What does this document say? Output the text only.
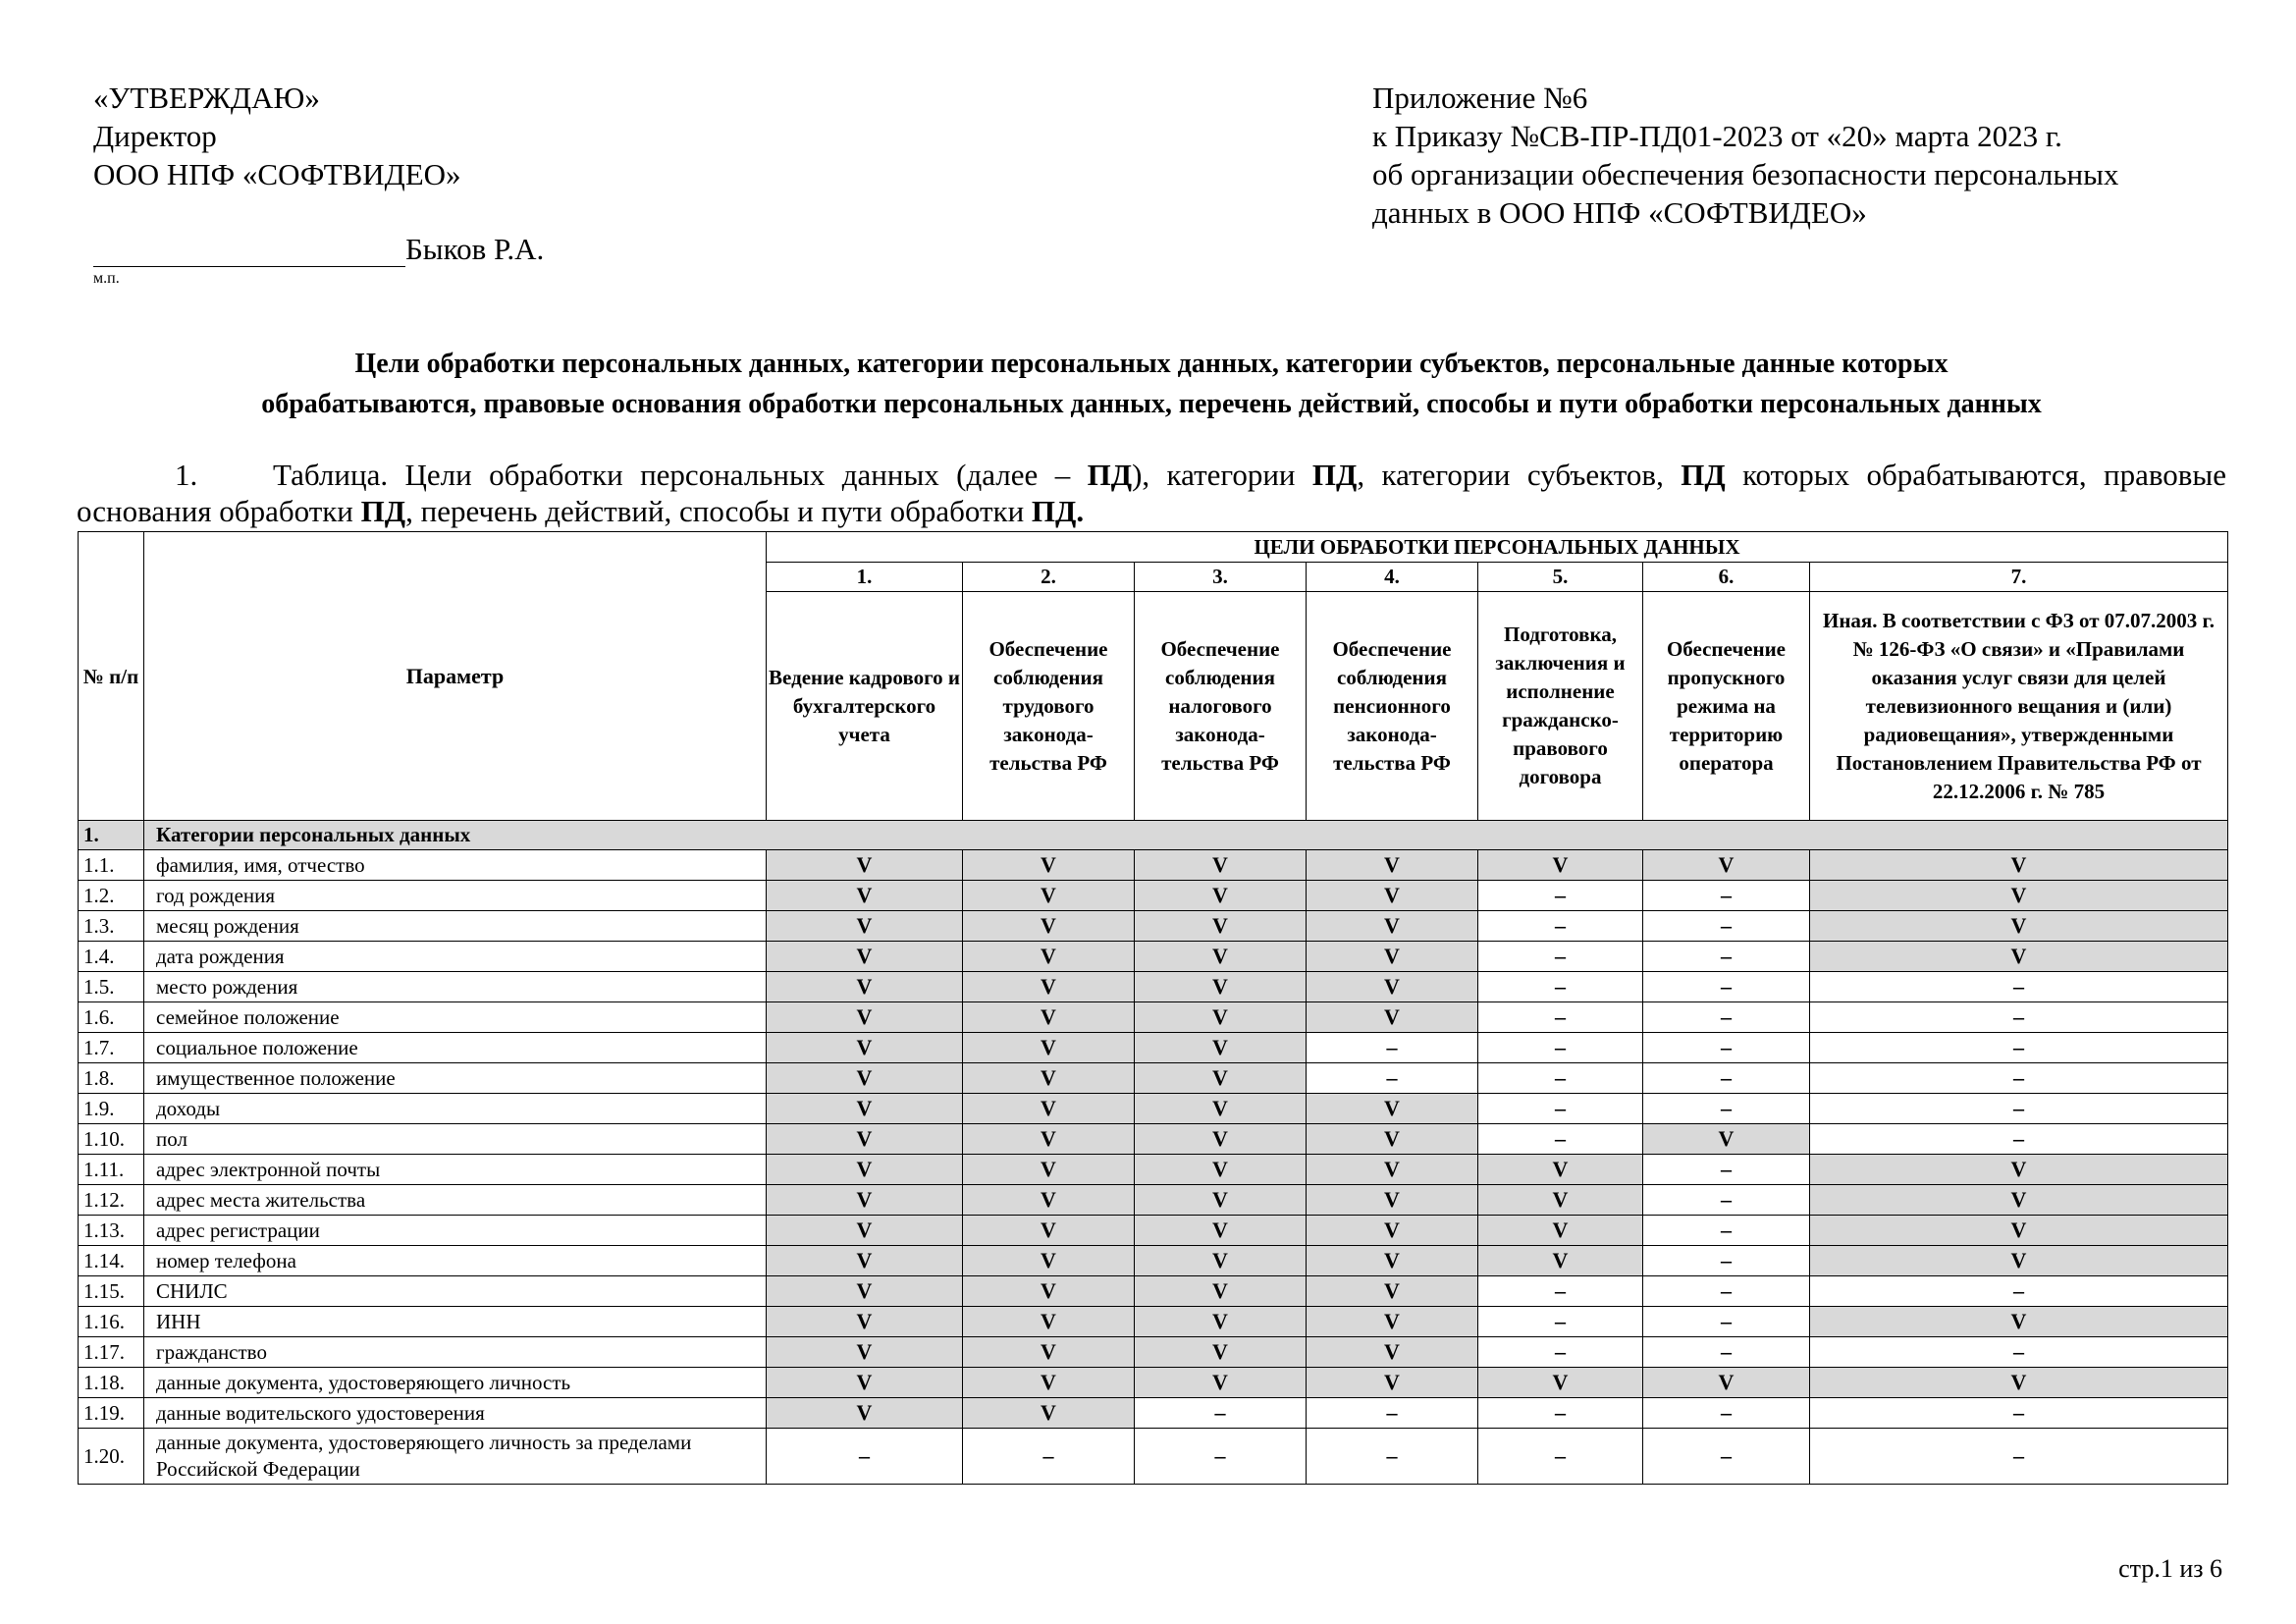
«УТВЕРЖДАЮ»
Директор
ООО НПФ «СОФТВИДЕО»
Быков Р.А.
м.п.
Приложение №6
к Приказу №СВ-ПР-ПД01-2023 от «20» марта 2023 г.
об организации обеспечения безопасности персональных
данных в ООО НПФ «СОФТВИДЕО»
Цели обработки персональных данных, категории персональных данных, категории субъектов, персональные данные которых
обрабатываются, правовые основания обработки персональных данных, перечень действий, способы и пути обработки персональных данных

1. Таблица. Цели обработки персональных данных (далее – ПД), категории ПД, категории субъектов, ПД которых обрабатываются, правовые основания обработки ПД, перечень действий, способы и пути обработки ПД.

№ п/п	Параметр	ЦЕЛИ ОБРАБОТКИ ПЕРСОНАЛЬНЫХ ДАННЫХ						
		1.	2.	3.	4.	5.	6.	7.
		Ведение кадрового и бухгалтерского учета	Обеспечение соблюдения трудового законода-тельства РФ	Обеспечение соблюдения налогового законода-тельства РФ	Обеспечение соблюдения пенсионного законода-тельства РФ	Подготовка, заключения и исполнение гражданско-правового договора	Обеспечение пропускного режима на территорию оператора	Иная. В соответствии с ФЗ от 07.07.2003 г. № 126-ФЗ «О связи» и «Правилами оказания услуг связи для целей телевизионного вещания и (или) радиовещания», утвержденными Постановлением Правительства РФ от 22.12.2006 г. № 785
1.	Категории персональных данных							
1.1.	фамилия, имя, отчество	V	V	V	V	V	V	V
1.2.	год рождения	V	V	V	V	–	–	V
1.3.	месяц рождения	V	V	V	V	–	–	V
1.4.	дата рождения	V	V	V	V	–	–	V
1.5.	место рождения	V	V	V	V	–	–	–
1.6.	семейное положение	V	V	V	V	–	–	–
1.7.	социальное положение	V	V	V	–	–	–	–
1.8.	имущественное положение	V	V	V	–	–	–	–
1.9.	доходы	V	V	V	V	–	–	–
1.10.	пол	V	V	V	V	–	V	–
1.11.	адрес электронной почты	V	V	V	V	V	–	V
1.12.	адрес места жительства	V	V	V	V	V	–	V
1.13.	адрес регистрации	V	V	V	V	V	–	V
1.14.	номер телефона	V	V	V	V	V	–	V
1.15.	СНИЛС	V	V	V	V	–	–	–
1.16.	ИНН	V	V	V	V	–	–	V
1.17.	гражданство	V	V	V	V	–	–	–
1.18.	данные документа, удостоверяющего личность	V	V	V	V	V	V	V
1.19.	данные водительского удостоверения	V	V	–	–	–	–	–
1.20.	данные документа, удостоверяющего личность за пределами Российской Федерации	–	–	–	–	–	–	–
стр.1 из 6
